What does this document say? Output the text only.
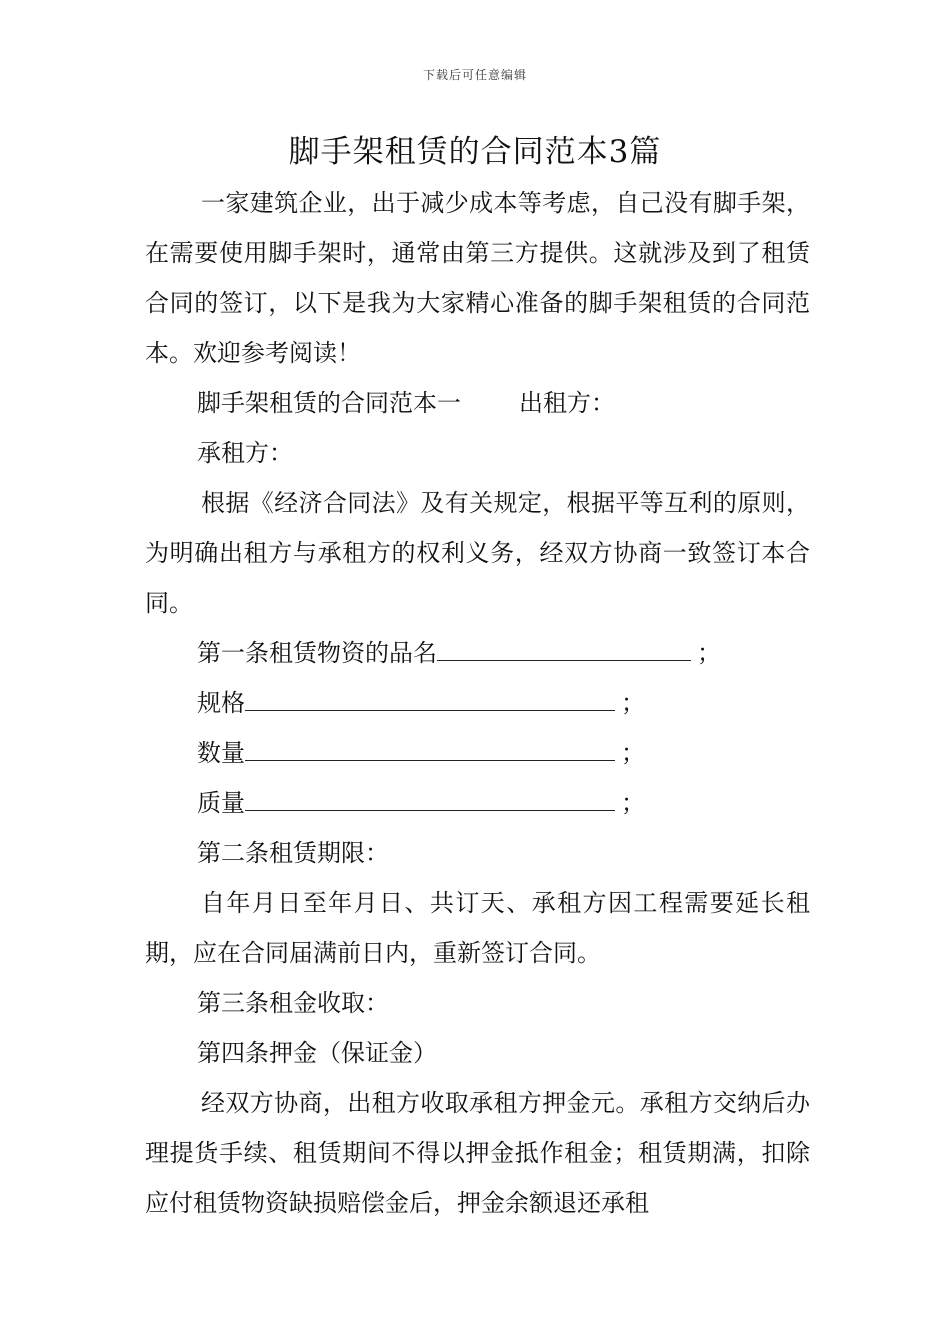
下载后可任意编辑
脚手架租赁的合同范本3篇

一家建筑企业，出于减少成本等考虑，自己没有脚手架，在需要使用脚手架时，通常由第三方提供。这就涉及到了租赁合同的签订，以下是我为大家精心准备的脚手架租赁的合同范本。欢迎参考阅读！

脚手架租赁的合同范本一 出租方：

承租方：

根据《经济合同法》及有关规定，根据平等互利的原则，为明确出租方与承租方的权利义务，经双方协商一致签订本合同。

第一条租赁物资的品名	；

规格	；

数量	；

质量	；

第二条租赁期限：

自年月日至年月日、共订天、承租方因工程需要延长租期，应在合同届满前日内，重新签订合同。

第三条租金收取：

第四条押金（保证金）

经双方协商，出租方收取承租方押金元。承租方交纳后办理提货手续、租赁期间不得以押金抵作租金；租赁期满，扣除应付租赁物资缺损赔偿金后，押金余额退还承租
